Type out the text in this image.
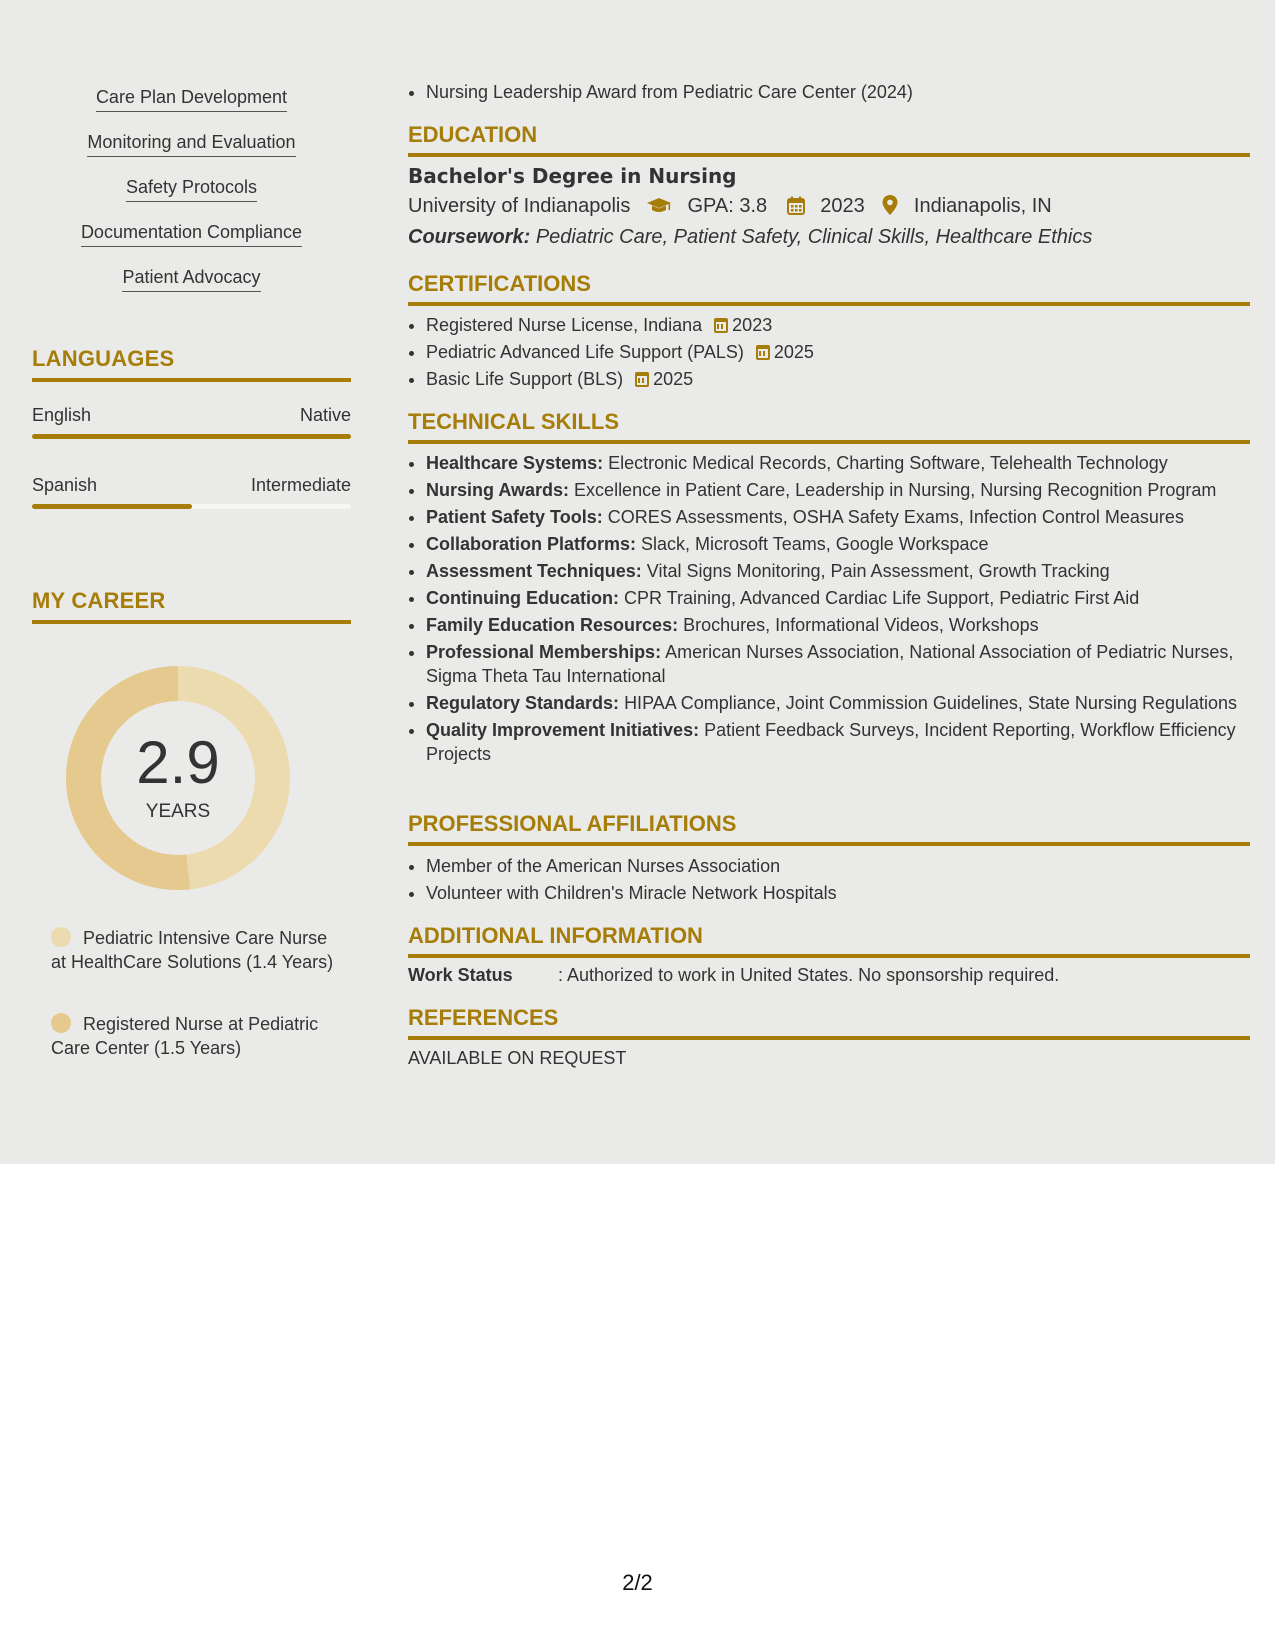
Care Plan Development
Monitoring and Evaluation
Safety Protocols
Documentation Compliance
Patient Advocacy
LANGUAGES
English	Native
Spanish	Intermediate
MY CAREER
2.9
YEARS
Pediatric Intensive Care Nurse at HealthCare Solutions (1.4 Years)
Registered Nurse at Pediatric Care Center (1.5 Years)
• Nursing Leadership Award from Pediatric Care Center (2024)
EDUCATION
Bachelor's Degree in Nursing
University of Indianapolis	GPA: 3.8	2023 Indianapolis, IN
Coursework: Pediatric Care, Patient Safety, Clinical Skills, Healthcare Ethics
CERTIFICATIONS
• Registered Nurse License, Indiana 2023
• Pediatric Advanced Life Support (PALS) 2025
• Basic Life Support (BLS) 2025
TECHNICAL SKILLS
• Healthcare Systems: Electronic Medical Records, Charting Software, Telehealth Technology
• Nursing Awards: Excellence in Patient Care, Leadership in Nursing, Nursing Recognition Program
• Patient Safety Tools: CORES Assessments, OSHA Safety Exams, Infection Control Measures
• Collaboration Platforms: Slack, Microsoft Teams, Google Workspace
• Assessment Techniques: Vital Signs Monitoring, Pain Assessment, Growth Tracking
• Continuing Education: CPR Training, Advanced Cardiac Life Support, Pediatric First Aid
• Family Education Resources: Brochures, Informational Videos, Workshops
• Professional Memberships: American Nurses Association, National Association of Pediatric Nurses, Sigma Theta Tau International
• Regulatory Standards: HIPAA Compliance, Joint Commission Guidelines, State Nursing Regulations
• Quality Improvement Initiatives: Patient Feedback Surveys, Incident Reporting, Workflow Efficiency Projects
PROFESSIONAL AFFILIATIONS
• Member of the American Nurses Association
• Volunteer with Children's Miracle Network Hospitals
ADDITIONAL INFORMATION
Work Status	: Authorized to work in United States. No sponsorship required.
REFERENCES
AVAILABLE ON REQUEST
2/2
